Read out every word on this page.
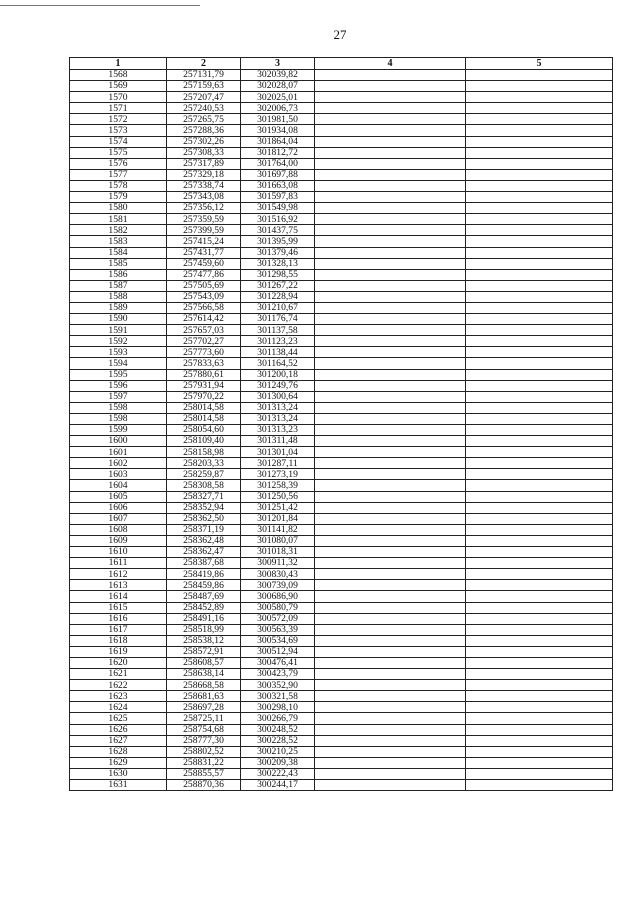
27
1	2	3	4	5
1568	257131,79	302039,82		
1569	257159,63	302028,07		
1570	257207,47	302025,01		
1571	257240,53	302006,73		
1572	257265,75	301981,50		
1573	257288,36	301934,08		
1574	257302,26	301864,04		
1575	257308,33	301812,72		
1576	257317,89	301764,00		
1577	257329,18	301697,88		
1578	257338,74	301663,08		
1579	257343,08	301597,83		
1580	257356,12	301549,98		
1581	257359,59	301516,92		
1582	257399,59	301437,75		
1583	257415,24	301395,99		
1584	257431,77	301379,46		
1585	257459,60	301328,13		
1586	257477,86	301298,55		
1587	257505,69	301267,22		
1588	257543,09	301228,94		
1589	257566,58	301210,67		
1590	257614,42	301176,74		
1591	257657,03	301137,58		
1592	257702,27	301123,23		
1593	257773,60	301138,44		
1594	257833,63	301164,52		
1595	257880,61	301200,18		
1596	257931,94	301249,76		
1597	257970,22	301300,64		
1598	258014,58	301313,24		
1598	258014,58	301313,24		
1599	258054,60	301313,23		
1600	258109,40	301311,48		
1601	258158,98	301301,04		
1602	258203,33	301287,11		
1603	258259,87	301273,19		
1604	258308,58	301258,39		
1605	258327,71	301250,56		
1606	258352,94	301251,42		
1607	258362,50	301201,84		
1608	258371,19	301141,82		
1609	258362,48	301080,07		
1610	258362,47	301018,31		
1611	258387,68	300911,32		
1612	258419,86	300830,43		
1613	258459,86	300739,09		
1614	258487,69	300686,90		
1615	258452,89	300580,79		
1616	258491,16	300572,09		
1617	258518,99	300563,39		
1618	258538,12	300534,69		
1619	258572,91	300512,94		
1620	258608,57	300476,41		
1621	258638,14	300423,79		
1622	258668,58	300352,90		
1623	258681,63	300321,58		
1624	258697,28	300298,10		
1625	258725,11	300266,79		
1626	258754,68	300248,52		
1627	258777,30	300228,52		
1628	258802,52	300210,25		
1629	258831,22	300209,38		
1630	258855,57	300222,43		
1631	258870,36	300244,17		
